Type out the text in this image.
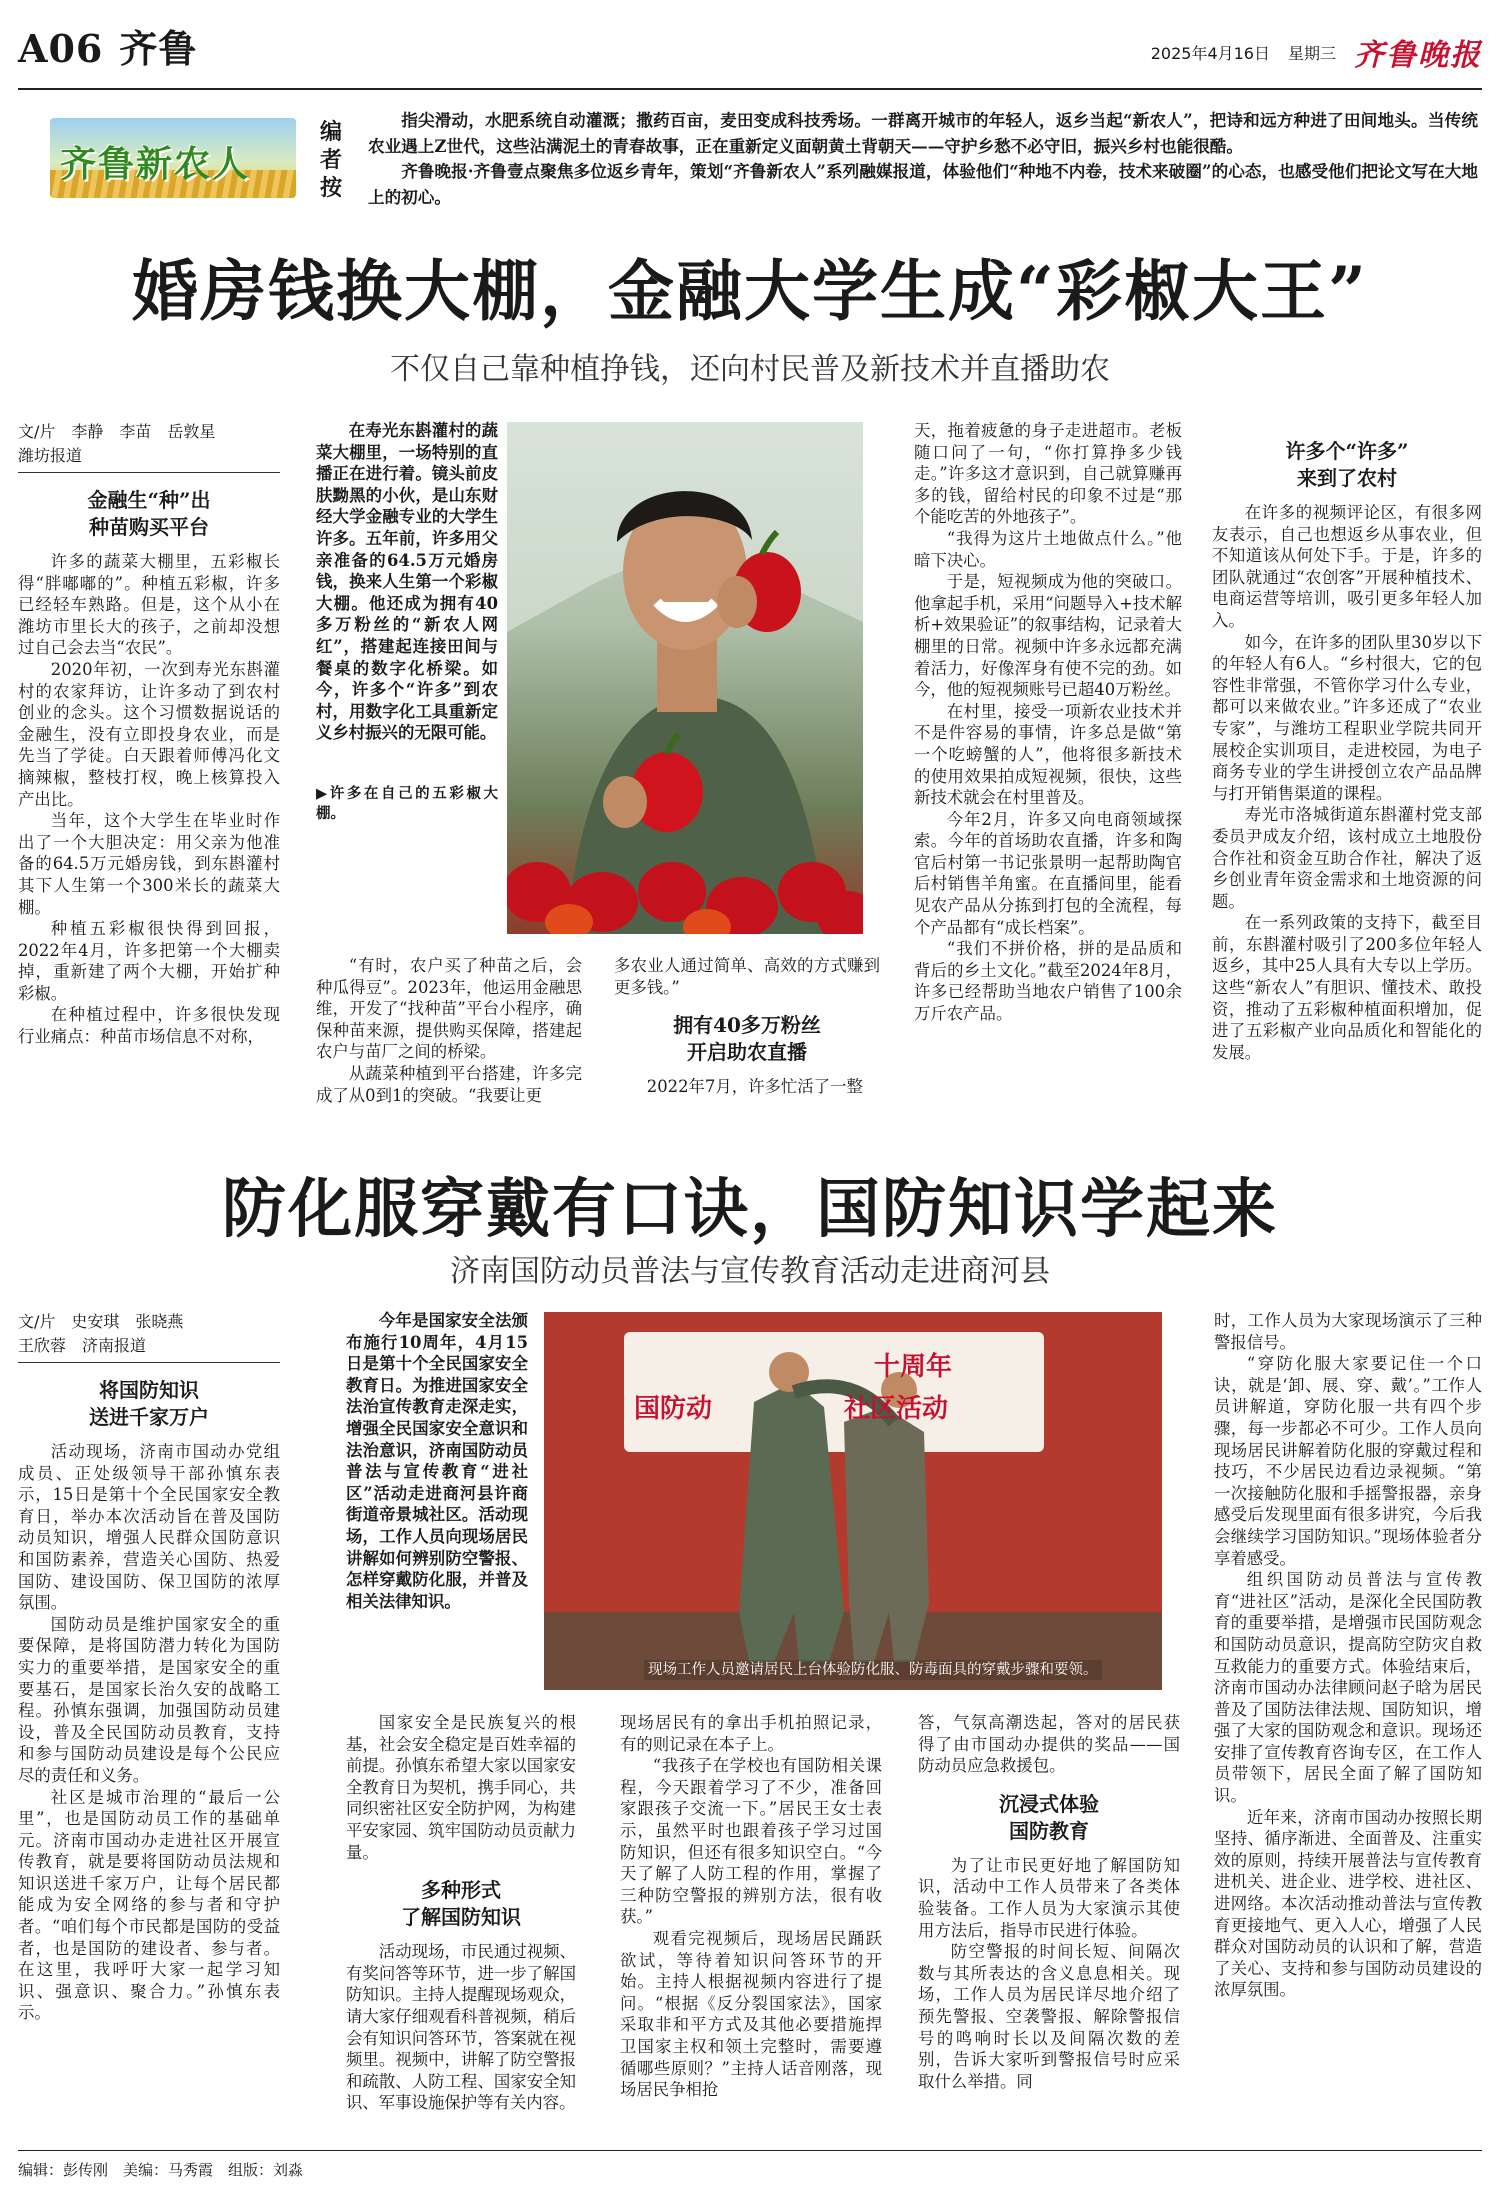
A06 齐鲁	2025年4月16日 星期三 齐鲁晚报
齐鲁新农人
编者按

指尖滑动，水肥系统自动灌溉；撒药百亩，麦田变成科技秀场。一群离开城市的年轻人，返乡当起“新农人”，把诗和远方种进了田间地头。当传统农业遇上Z世代，这些沾满泥土的青春故事，正在重新定义面朝黄土背朝天——守护乡愁不必守旧，振兴乡村也能很酷。

齐鲁晚报·齐鲁壹点聚焦多位返乡青年，策划“齐鲁新农人”系列融媒报道，体验他们“种地不内卷，技术来破圈”的心态，也感受他们把论文写在大地上的初心。

婚房钱换大棚，金融大学生成“彩椒大王”
不仅自己靠种植挣钱，还向村民普及新技术并直播助农
文/片　李静　李苗　岳敦星
潍坊报道
金融生“种”出
种苗购买平台

许多的蔬菜大棚里，五彩椒长得“胖嘟嘟的”。种植五彩椒，许多已经轻车熟路。但是，这个从小在潍坊市里长大的孩子，之前却没想过自己会去当“农民”。

2020年初，一次到寿光东斟灌村的农家拜访，让许多动了到农村创业的念头。这个习惯数据说话的金融生，没有立即投身农业，而是先当了学徒。白天跟着师傅冯化文摘辣椒，整枝打杈，晚上核算投入产出比。

当年，这个大学生在毕业时作出了一个大胆决定：用父亲为他准备的64.5万元婚房钱，到东斟灌村其下人生第一个300米长的蔬菜大棚。

种植五彩椒很快得到回报，2022年4月，许多把第一个大棚卖掉，重新建了两个大棚，开始扩种彩椒。

在种植过程中，许多很快发现行业痛点：种苗市场信息不对称，

在寿光东斟灌村的蔬菜大棚里，一场特别的直播正在进行着。镜头前皮肤黝黑的小伙，是山东财经大学金融专业的大学生许多。五年前，许多用父亲准备的64.5万元婚房钱，换来人生第一个彩椒大棚。他还成为拥有40多万粉丝的“新农人网红”，搭建起连接田间与餐桌的数字化桥梁。如今，许多个“许多”到农村，用数字化工具重新定义乡村振兴的无限可能。

▶许多在自己的五彩椒大棚。

“有时，农户买了种苗之后，会种瓜得豆”。2023年，他运用金融思维，开发了“找种苗”平台小程序，确保种苗来源，提供购买保障，搭建起农户与苗厂之间的桥梁。

从蔬菜种植到平台搭建，许多完成了从0到1的突破。“我要让更

多农业人通过简单、高效的方式赚到更多钱。”

拥有40多万粉丝
开启助农直播

2022年7月，许多忙活了一整

天，拖着疲惫的身子走进超市。老板随口问了一句，“你打算挣多少钱走。”许多这才意识到，自己就算赚再多的钱，留给村民的印象不过是“那个能吃苦的外地孩子”。

“我得为这片土地做点什么。”他暗下决心。

于是，短视频成为他的突破口。他拿起手机，采用“问题导入+技术解析+效果验证”的叙事结构，记录着大棚里的日常。视频中许多永远都充满着活力，好像浑身有使不完的劲。如今，他的短视频账号已超40万粉丝。

在村里，接受一项新农业技术并不是件容易的事情，许多总是做“第一个吃螃蟹的人”，他将很多新技术的使用效果拍成短视频，很快，这些新技术就会在村里普及。

今年2月，许多又向电商领域探索。今年的首场助农直播，许多和陶官后村第一书记张景明一起帮助陶官后村销售羊角蜜。在直播间里，能看见农产品从分拣到打包的全流程，每个产品都有“成长档案”。

“我们不拼价格，拼的是品质和背后的乡土文化。”截至2024年8月，许多已经帮助当地农户销售了100余万斤农产品。

许多个“许多”
来到了农村

在许多的视频评论区，有很多网友表示，自己也想返乡从事农业，但不知道该从何处下手。于是，许多的团队就通过“农创客”开展种植技术、电商运营等培训，吸引更多年轻人加入。

如今，在许多的团队里30岁以下的年轻人有6人。“乡村很大，它的包容性非常强，不管你学习什么专业，都可以来做农业。”许多还成了“农业专家”，与潍坊工程职业学院共同开展校企实训项目，走进校园，为电子商务专业的学生讲授创立农产品品牌与打开销售渠道的课程。

寿光市洛城街道东斟灌村党支部委员尹成友介绍，该村成立土地股份合作社和资金互助合作社，解决了返乡创业青年资金需求和土地资源的问题。

在一系列政策的支持下，截至目前，东斟灌村吸引了200多位年轻人返乡，其中25人具有大专以上学历。这些“新农人”有胆识、懂技术、敢投资，推动了五彩椒种植面积增加，促进了五彩椒产业向品质化和智能化的发展。

防化服穿戴有口诀，国防知识学起来
济南国防动员普法与宣传教育活动走进商河县
文/片　史安琪　张晓燕
王欣蓉　济南报道
将国防知识
送进千家万户

活动现场，济南市国动办党组成员、正处级领导干部孙慎东表示，15日是第十个全民国家安全教育日，举办本次活动旨在普及国防动员知识，增强人民群众国防意识和国防素养，营造关心国防、热爱国防、建设国防、保卫国防的浓厚氛围。

国防动员是维护国家安全的重要保障，是将国防潜力转化为国防实力的重要举措，是国家安全的重要基石，是国家长治久安的战略工程。孙慎东强调，加强国防动员建设，普及全民国防动员教育，支持和参与国防动员建设是每个公民应尽的责任和义务。

社区是城市治理的“最后一公里”，也是国防动员工作的基础单元。济南市国动办走进社区开展宣传教育，就是要将国防动员法规和知识送进千家万户，让每个居民都能成为安全网络的参与者和守护者。“咱们每个市民都是国防的受益者，也是国防的建设者、参与者。在这里，我呼吁大家一起学习知识、强意识、聚合力。”孙慎东表示。

今年是国家安全法颁布施行10周年，4月15日是第十个全民国家安全教育日。为推进国家安全法治宣传教育走深走实，增强全民国家安全意识和法治意识，济南国防动员普法与宣传教育“进社区”活动走进商河县许商街道帝景城社区。活动现场，工作人员向现场居民讲解如何辨别防空警报、怎样穿戴防化服，并普及相关法律知识。

十周年
社区活动
国防动
现场工作人员邀请居民上台体验防化服、防毒面具的穿戴步骤和要领。

国家安全是民族复兴的根基，社会安全稳定是百姓幸福的前提。孙慎东希望大家以国家安全教育日为契机，携手同心，共同织密社区安全防护网，为构建平安家园、筑牢国防动员贡献力量。

多种形式
了解国防知识

活动现场，市民通过视频、有奖问答等环节，进一步了解国防知识。主持人提醒现场观众，请大家仔细观看科普视频，稍后会有知识问答环节，答案就在视频里。视频中，讲解了防空警报和疏散、人防工程、国家安全知识、军事设施保护等有关内容。

现场居民有的拿出手机拍照记录，有的则记录在本子上。

“我孩子在学校也有国防相关课程，今天跟着学习了不少，准备回家跟孩子交流一下。”居民王女士表示，虽然平时也跟着孩子学习过国防知识，但还有很多知识空白。“今天了解了人防工程的作用，掌握了三种防空警报的辨别方法，很有收获。”

观看完视频后，现场居民踊跃欲试，等待着知识问答环节的开始。主持人根据视频内容进行了提问。“根据《反分裂国家法》，国家采取非和平方式及其他必要措施捍卫国家主权和领土完整时，需要遵循哪些原则？”主持人话音刚落，现场居民争相抢

答，气氛高潮迭起，答对的居民获得了由市国动办提供的奖品——国防动员应急救援包。

沉浸式体验
国防教育

为了让市民更好地了解国防知识，活动中工作人员带来了各类体验装备。工作人员为大家演示其使用方法后，指导市民进行体验。

防空警报的时间长短、间隔次数与其所表达的含义息息相关。现场，工作人员为居民详尽地介绍了预先警报、空袭警报、解除警报信号的鸣响时长以及间隔次数的差别，告诉大家听到警报信号时应采取什么举措。同

时，工作人员为大家现场演示了三种警报信号。

“穿防化服大家要记住一个口诀，就是‘卸、展、穿、戴’。”工作人员讲解道，穿防化服一共有四个步骤，每一步都必不可少。工作人员向现场居民讲解着防化服的穿戴过程和技巧，不少居民边看边录视频。“第一次接触防化服和手摇警报器，亲身感受后发现里面有很多讲究，今后我会继续学习国防知识。”现场体验者分享着感受。

组织国防动员普法与宣传教育“进社区”活动，是深化全民国防教育的重要举措，是增强市民国防观念和国防动员意识，提高防空防灾自救互救能力的重要方式。体验结束后，济南市国动办法律顾问赵子晗为居民普及了国防法律法规、国防知识，增强了大家的国防观念和意识。现场还安排了宣传教育咨询专区，在工作人员带领下，居民全面了解了国防知识。

近年来，济南市国动办按照长期坚持、循序渐进、全面普及、注重实效的原则，持续开展普法与宣传教育进机关、进企业、进学校、进社区、进网络。本次活动推动普法与宣传教育更接地气、更入人心，增强了人民群众对国防动员的认识和了解，营造了关心、支持和参与国防动员建设的浓厚氛围。

编辑：彭传刚　美编：马秀霞　组版：刘淼
